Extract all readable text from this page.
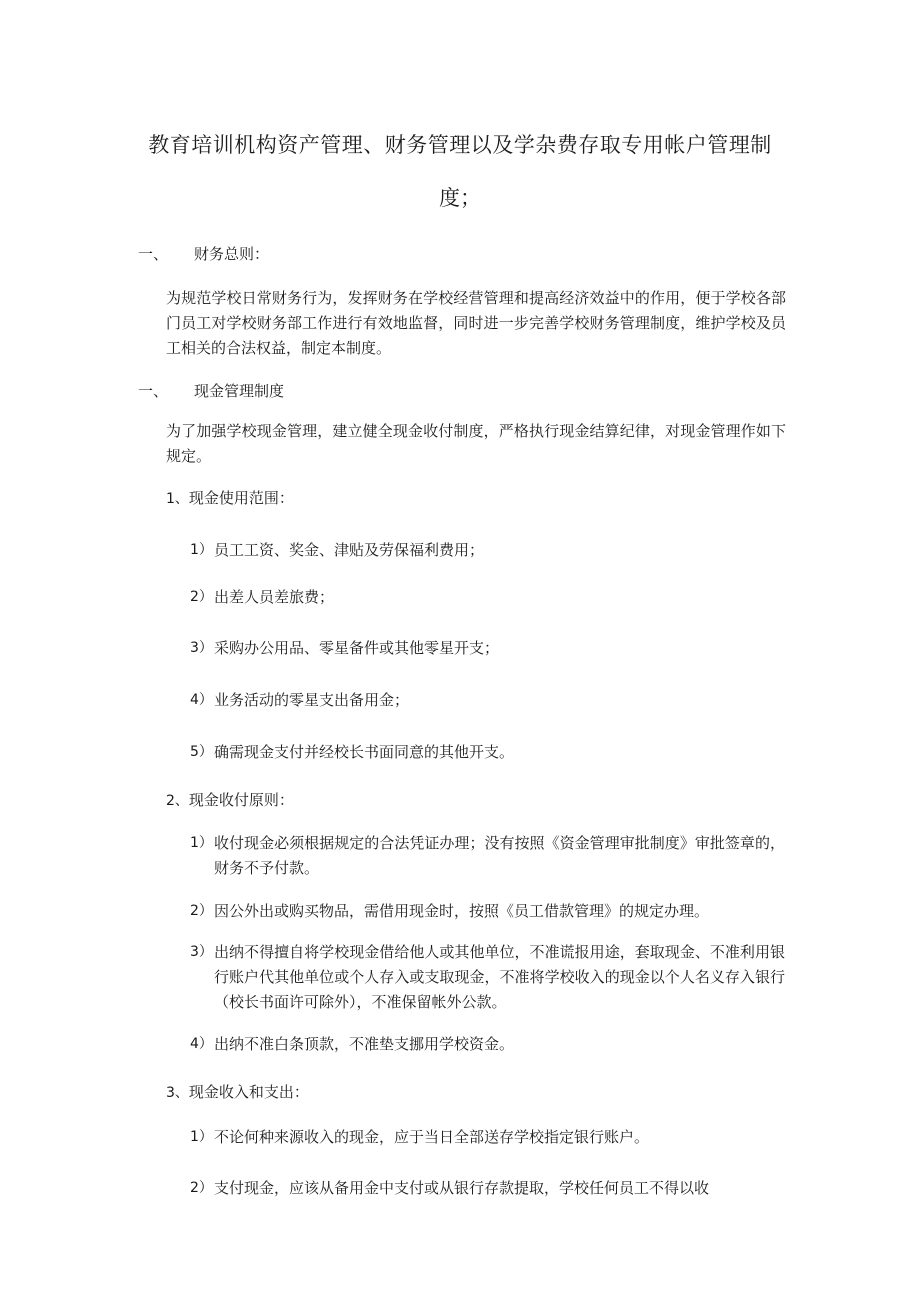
教育培训机构资产管理、财务管理以及学杂费存取专用帐户管理制
度；
一、 财务总则：
为规范学校日常财务行为，发挥财务在学校经营管理和提高经济效益中的作用，便于学校各部门员工对学校财务部工作进行有效地监督，同时进一步完善学校财务管理制度，维护学校及员工相关的合法权益，制定本制度。
一、 现金管理制度
为了加强学校现金管理，建立健全现金收付制度，严格执行现金结算纪律，对现金管理作如下规定。
1、现金使用范围：
1） 员工工资、奖金、津贴及劳保福利费用；
2） 出差人员差旅费；
3） 采购办公用品、零星备件或其他零星开支；
4） 业务活动的零星支出备用金；
5） 确需现金支付并经校长书面同意的其他开支。
2、现金收付原则：
1） 收付现金必须根据规定的合法凭证办理；没有按照《资金管理审批制度》审批签章的，财务不予付款。
2） 因公外出或购买物品，需借用现金时，按照《员工借款管理》的规定办理。
3） 出纳不得擅自将学校现金借给他人或其他单位，不准谎报用途，套取现金、不准利用银行账户代其他单位或个人存入或支取现金，不准将学校收入的现金以个人名义存入银行（校长书面许可除外），不准保留帐外公款。
4） 出纳不准白条顶款，不准垫支挪用学校资金。
3、现金收入和支出：
1） 不论何种来源收入的现金，应于当日全部送存学校指定银行账户。
2） 支付现金，应该从备用金中支付或从银行存款提取，学校任何员工不得以收
